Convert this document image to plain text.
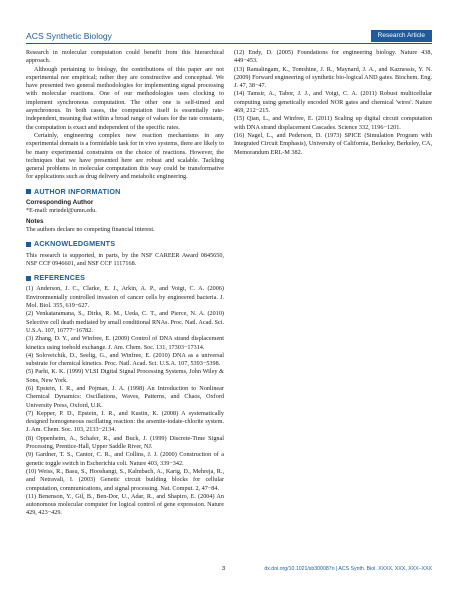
ACS Synthetic Biology	Research Article

Research in molecular computation could benefit from this hierarchical approach.

Although pertaining to biology, the contributions of this paper are not experimental nor empirical; rather they are constructive and conceptual. We have presented two general methodologies for implementing signal processing with molecular reactions. One of our methodologies uses clocking to implement synchronous computation. The other one is self-timed and asynchronous. In both cases, the computation itself is essentially rate-independent, meaning that within a broad range of values for the rate constants, the computation is exact and independent of the specific rates.

Certainly, engineering complex new reaction mechanisms in any experimental domain is a formidable task for in vivo systems, there are likely to be many experimental constraints on the choice of reactions. However, the techniques that we have presented here are robust and scalable. Tackling general problems in molecular computation this way could be transformative for applications such as drug delivery and metabolic engineering.

AUTHOR INFORMATION
Corresponding Author

*E-mail: mriedel@umn.edu.

Notes

The authors declare no competing financial interest.

ACKNOWLEDGMENTS

This research is supported, in parts, by the NSF CAREER Award 0845650, NSF CCF 0946601, and NSF CCF 1117168.

REFERENCES

(1) Anderson, J. C., Clarke, E. J., Arkin, A. P., and Voigt, C. A. (2006) Environmentally controlled invasion of cancer cells by engineered bacteria. J. Mol. Biol. 355, 619−627.

(2) Venkataramana, S., Dirks, R. M., Ueda, C. T., and Pierce, N. A. (2010) Selective cell death mediated by small conditional RNAs. Proc. Natl. Acad. Sci. U.S.A. 107, 16777−16782.

(3) Zhang, D. Y., and Winfree, E. (2009) Control of DNA strand displacement kinetics using toehold exchange. J. Am. Chem. Soc. 131, 17303−17314.

(4) Soloveichik, D., Seelig, G., and Winfree, E. (2010) DNA as a universal substrate for chemical kinetics. Proc. Natl. Acad. Sci. U.S.A. 107, 5393−5398.

(5) Parhi, K. K. (1999) VLSI Digital Signal Processing Systems, John Wiley & Sons, New York.

(6) Epstein, I. R., and Pojman, J. A. (1998) An Introduction to Nonlinear Chemical Dynamics: Oscillations, Waves, Patterns, and Chaos, Oxford University Press, Oxford, U.K.

(7) Kepper, P. D., Epstein, I. R., and Kustin, K. (2008) A systematically designed homogeneous oscillating reaction: the arsenite-iodate-chlorite system. J. Am. Chem. Soc. 103, 2133−2134.

(8) Oppenheim, A., Schafer, R., and Buck, J. (1999) Discrete-Time Signal Processing, Prentice-Hall, Upper Saddle River, NJ.

(9) Gardner, T. S., Cantor, C. R., and Collins, J. J. (2000) Construction of a genetic toggle switch in Escherichia coli. Nature 403, 339−342.

(10) Weiss, R., Basu, S., Hooshangi, S., Kalmbach, A., Karig, D., Mehreja, R., and Netravali, I. (2003) Genetic circuit building blocks for cellular computation, communications, and signal processing. Nat. Comput. 2, 47−84.

(11) Benenson, Y., Gil, B., Ben-Dor, U., Adar, R., and Shapiro, E. (2004) An autonomous molecular computer for logical control of gene expression. Nature 429, 423−429.

(12) Endy, D. (2005) Foundations for engineering biology. Nature 438, 449−453.

(13) Ramalingam, K., Tomshine, J. R., Maynard, J. A., and Kaznessis, Y. N. (2009) Forward engineering of synthetic bio-logical AND gates. Biochem. Eng. J. 47, 38−47.

(14) Tamsir, A., Tabor, J. J., and Voigt, C. A. (2011) Robust multicellular computing using genetically encoded NOR gates and chemical 'wires'. Nature 469, 212−215.

(15) Qian, L., and Winfree, E. (2011) Scaling up digital circuit computation with DNA strand displacement Cascades. Science 332, 1196−1201.

(16) Nagel, L., and Pederson, D. (1973) SPICE (Simulation Program with Integrated Circuit Emphasis), University of California, Berkeley, Berkeley, CA, Memorandum ERL-M 382.

3	dx.doi.org/10.1021/sb300087n | ACS Synth. Biol. XXXX, XXX, XXX−XXX
